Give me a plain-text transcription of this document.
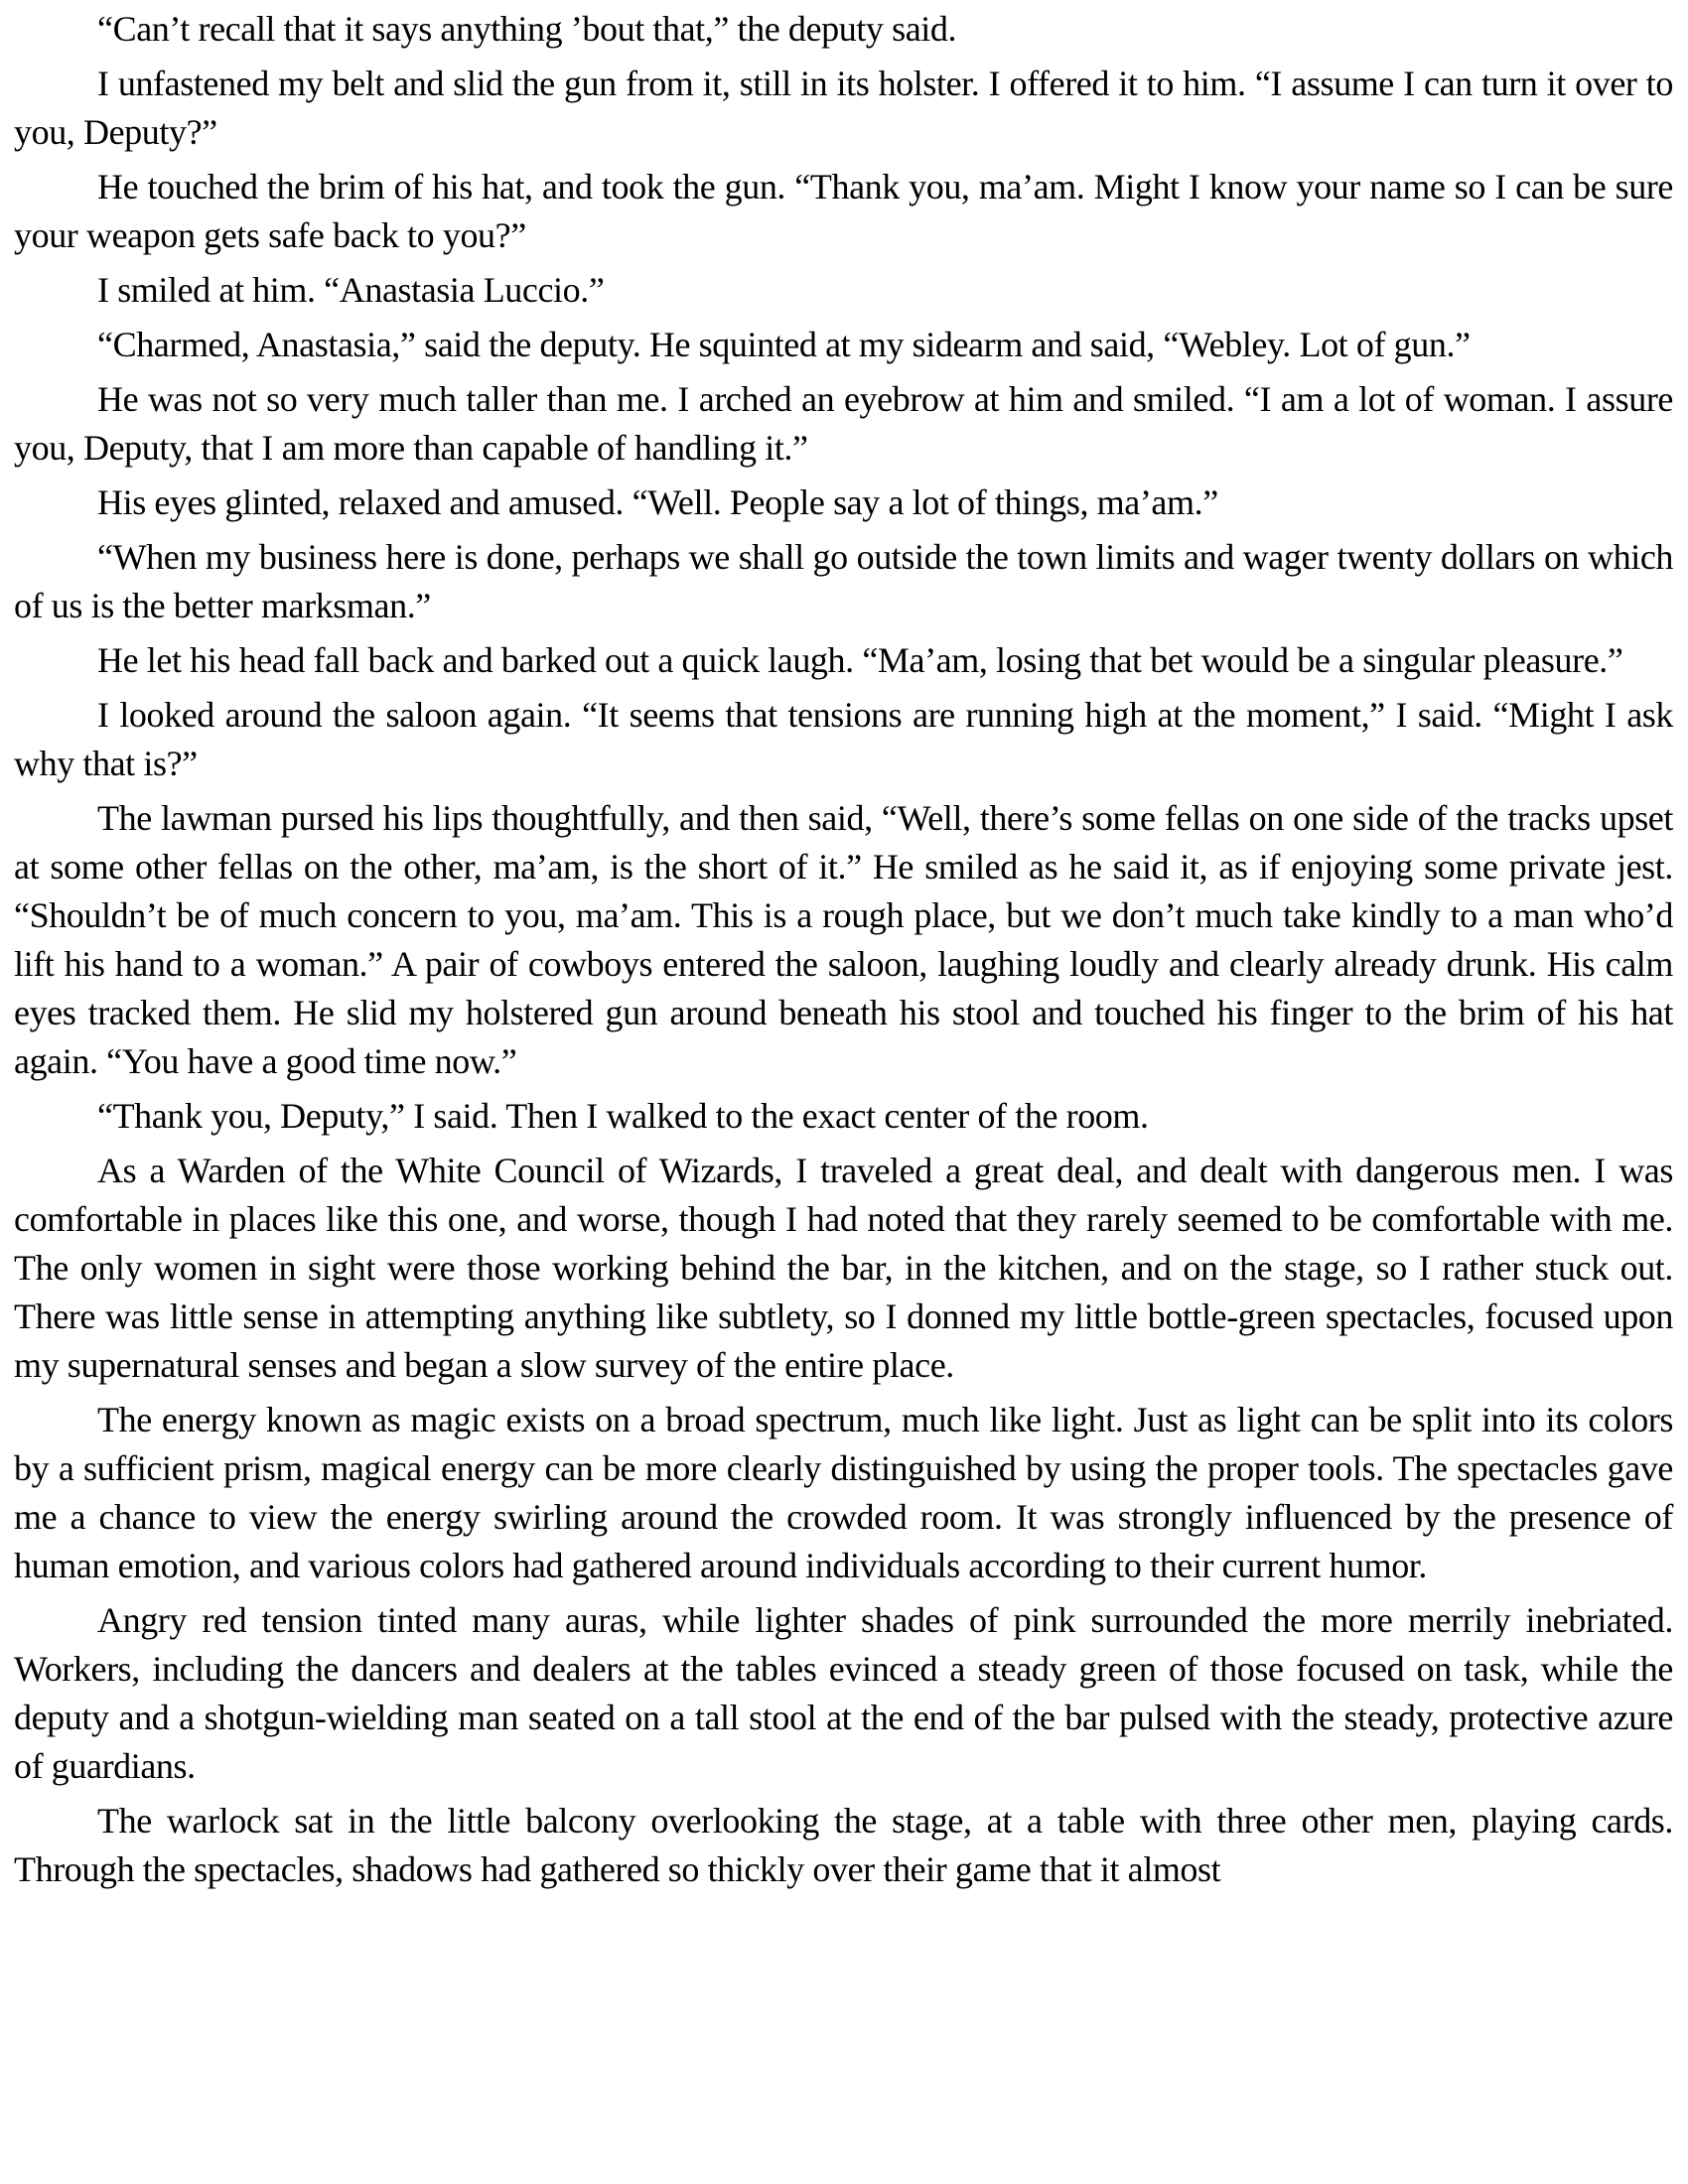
“Can’t recall that it says anything ’bout that,” the deputy said.

I unfastened my belt and slid the gun from it, still in its holster. I offered it to him. “I assume I can turn it over to you, Deputy?”

He touched the brim of his hat, and took the gun. “Thank you, ma’am. Might I know your name so I can be sure your weapon gets safe back to you?”

I smiled at him. “Anastasia Luccio.”

“Charmed, Anastasia,” said the deputy. He squinted at my sidearm and said, “Webley. Lot of gun.”

He was not so very much taller than me. I arched an eyebrow at him and smiled. “I am a lot of woman. I assure you, Deputy, that I am more than capable of handling it.”

His eyes glinted, relaxed and amused. “Well. People say a lot of things, ma’am.”

“When my business here is done, perhaps we shall go outside the town limits and wager twenty dollars on which of us is the better marksman.”

He let his head fall back and barked out a quick laugh. “Ma’am, losing that bet would be a singular pleasure.”

I looked around the saloon again. “It seems that tensions are running high at the moment,” I said. “Might I ask why that is?”

The lawman pursed his lips thoughtfully, and then said, “Well, there’s some fellas on one side of the tracks upset at some other fellas on the other, ma’am, is the short of it.” He smiled as he said it, as if enjoying some private jest. “Shouldn’t be of much concern to you, ma’am. This is a rough place, but we don’t much take kindly to a man who’d lift his hand to a woman.” A pair of cowboys entered the saloon, laughing loudly and clearly already drunk. His calm eyes tracked them. He slid my holstered gun around beneath his stool and touched his finger to the brim of his hat again. “You have a good time now.”

“Thank you, Deputy,” I said. Then I walked to the exact center of the room.

As a Warden of the White Council of Wizards, I traveled a great deal, and dealt with dangerous men. I was comfortable in places like this one, and worse, though I had noted that they rarely seemed to be comfortable with me. The only women in sight were those working behind the bar, in the kitchen, and on the stage, so I rather stuck out. There was little sense in attempting anything like subtlety, so I donned my little bottle-green spectacles, focused upon my supernatural senses and began a slow survey of the entire place.

The energy known as magic exists on a broad spectrum, much like light. Just as light can be split into its colors by a sufficient prism, magical energy can be more clearly distinguished by using the proper tools. The spectacles gave me a chance to view the energy swirling around the crowded room. It was strongly influenced by the presence of human emotion, and various colors had gathered around individuals according to their current humor.

Angry red tension tinted many auras, while lighter shades of pink surrounded the more merrily inebriated. Workers, including the dancers and dealers at the tables evinced a steady green of those focused on task, while the deputy and a shotgun-wielding man seated on a tall stool at the end of the bar pulsed with the steady, protective azure of guardians.

The warlock sat in the little balcony overlooking the stage, at a table with three other men, playing cards. Through the spectacles, shadows had gathered so thickly over their game that it almost
